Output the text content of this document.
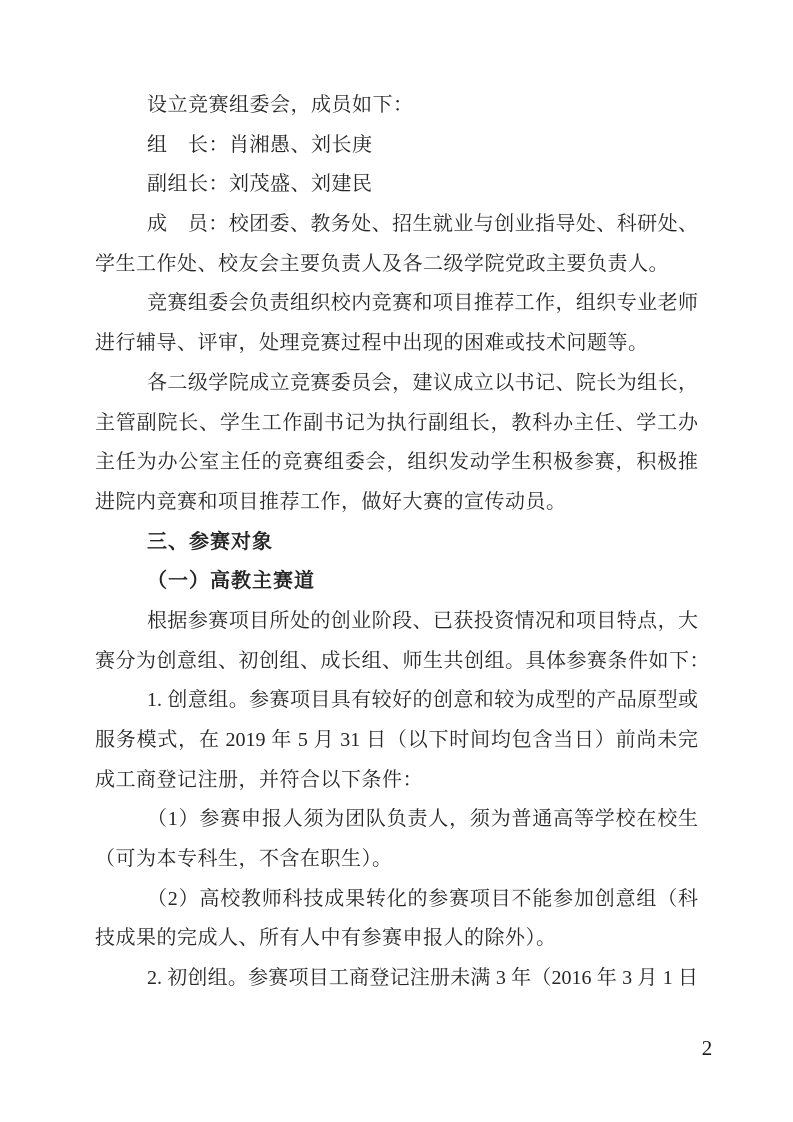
设立竞赛组委会，成员如下：
组　长：肖湘愚、刘长庚
副组长：刘茂盛、刘建民
成　员：校团委、教务处、招生就业与创业指导处、科研处、
学生工作处、校友会主要负责人及各二级学院党政主要负责人。
竞赛组委会负责组织校内竞赛和项目推荐工作，组织专业老师
进行辅导、评审，处理竞赛过程中出现的困难或技术问题等。
各二级学院成立竞赛委员会，建议成立以书记、院长为组长，
主管副院长、学生工作副书记为执行副组长，教科办主任、学工办
主任为办公室主任的竞赛组委会，组织发动学生积极参赛，积极推
进院内竞赛和项目推荐工作，做好大赛的宣传动员。
三、参赛对象
（一）高教主赛道
根据参赛项目所处的创业阶段、已获投资情况和项目特点，大
赛分为创意组、初创组、成长组、师生共创组。具体参赛条件如下：
1. 创意组。参赛项目具有较好的创意和较为成型的产品原型或
服务模式，在 2019 年 5 月 31 日（以下时间均包含当日）前尚未完
成工商登记注册，并符合以下条件：
（1）参赛申报人须为团队负责人，须为普通高等学校在校生
（可为本专科生，不含在职生）。
（2）高校教师科技成果转化的参赛项目不能参加创意组（科
技成果的完成人、所有人中有参赛申报人的除外）。
2. 初创组。参赛项目工商登记注册未满 3 年（2016 年 3 月 1 日
2
